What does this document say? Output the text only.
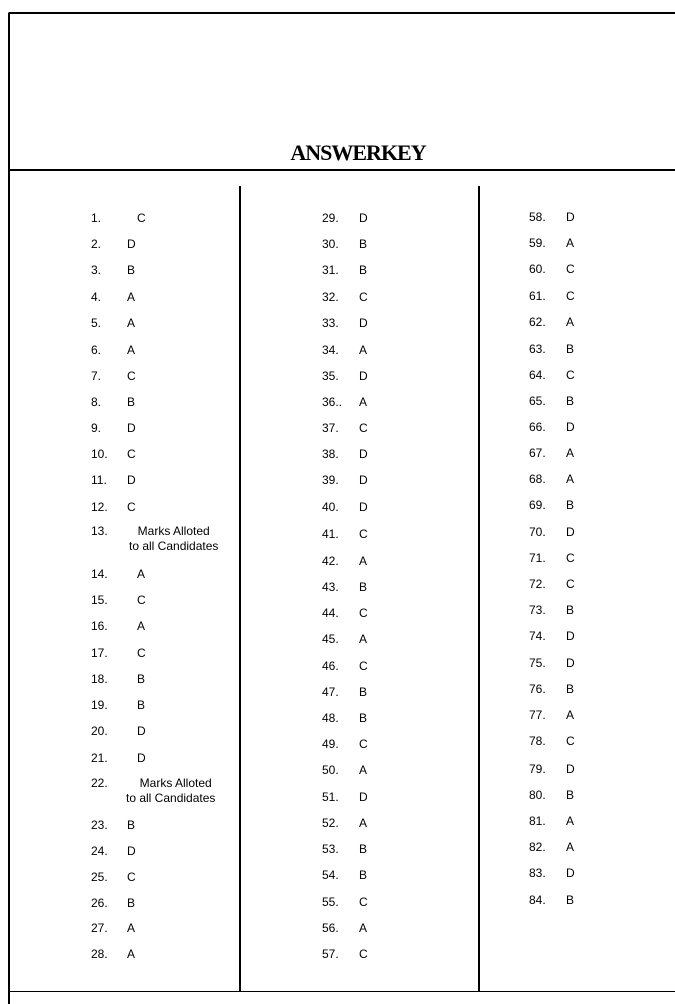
ANSWERKEY
1.	C
2. D
3. B
4. A
5. A
6. A
7. C
8. B
9. D
10. C
11. D
12. C
13.	Marks Alloted
to all Candidates
14. A
15. C
16. A
17. C
18. B
19. B
20. D
21. D
22.	Marks Alloted
to all Candidates
23. B
24. D
25. C
26. B
27. A
28. A
29. D
30. B
31. B
32. C
33. D
34. A
35. D
36.. A
37. C
38. D
39. D
40. D
41. C
42. A
43. B
44. C
45. A
46. C
47. B
48. B
49. C
50. A
51. D
52. A
53. B
54. B
55. C
56. A
57. C
58. D
59. A
60. C
61. C
62. A
63. B
64. C
65. B
66. D
67. A
68. A
69. B
70. D
71. C
72. C
73. B
74. D
75. D
76. B
77. A
78. C
79. D
80. B
81. A
82. A
83. D
84. B
